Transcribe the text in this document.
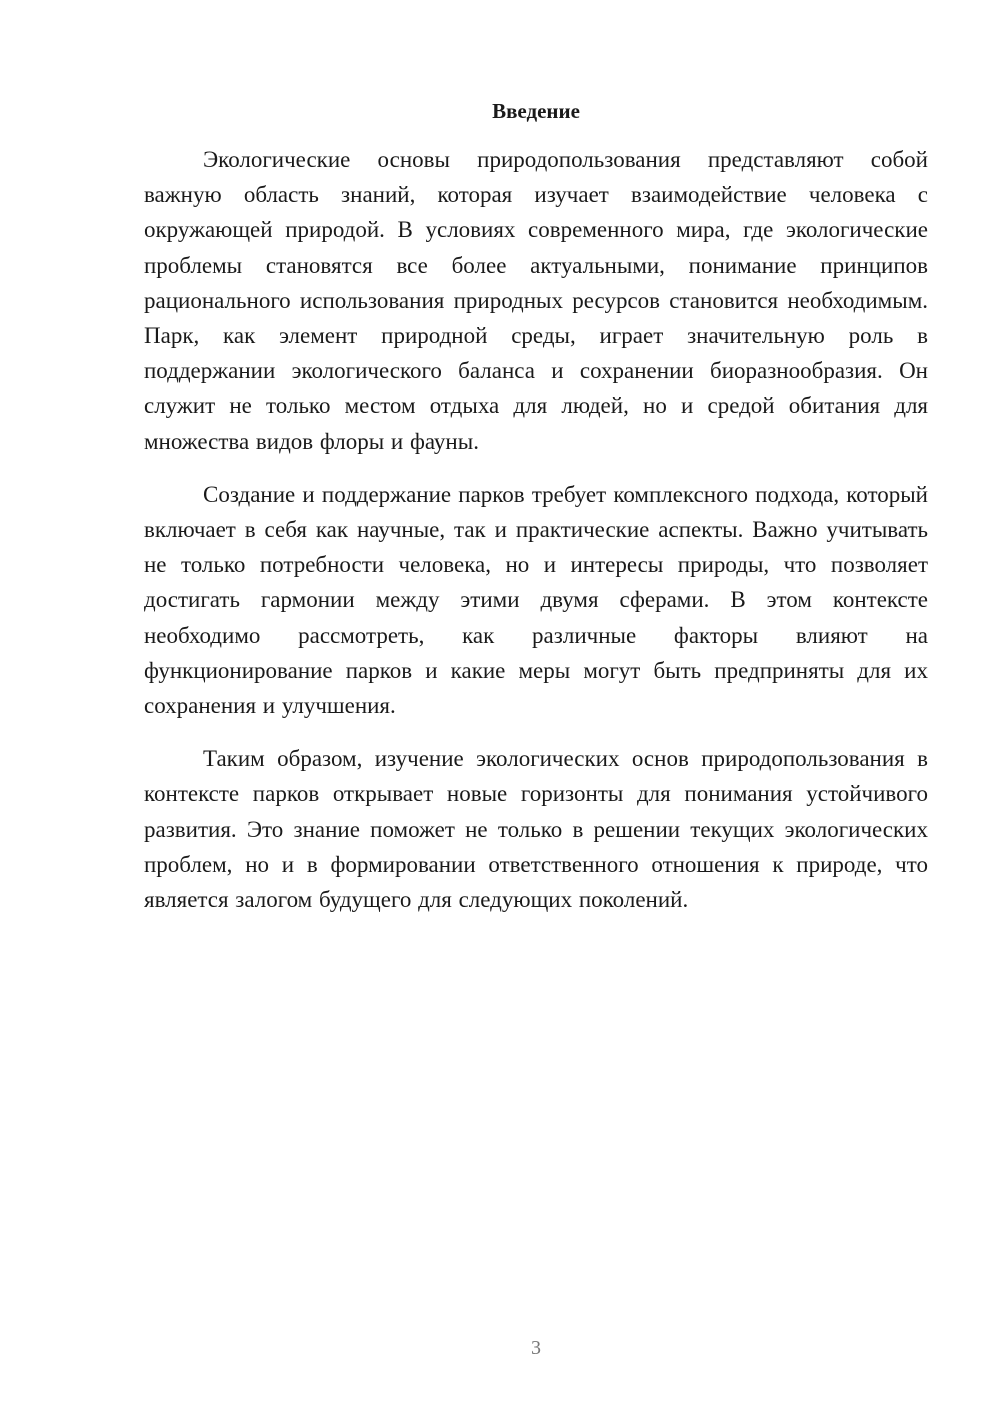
Введение

Экологические основы природопользования представляют собой важную область знаний, которая изучает взаимодействие человека с окружающей природой. В условиях современного мира, где экологические проблемы становятся все более актуальными, понимание принципов рационального использования природных ресурсов становится необходимым. Парк, как элемент природной среды, играет значительную роль в поддержании экологического баланса и сохранении биоразнообразия. Он служит не только местом отдыха для людей, но и средой обитания для множества видов флоры и фауны.

Создание и поддержание парков требует комплексного подхода, который включает в себя как научные, так и практические аспекты. Важно учитывать не только потребности человека, но и интересы природы, что позволяет достигать гармонии между этими двумя сферами. В этом контексте необходимо рассмотреть, как различные факторы влияют на функционирование парков и какие меры могут быть предприняты для их сохранения и улучшения.

Таким образом, изучение экологических основ природопользования в контексте парков открывает новые горизонты для понимания устойчивого развития. Это знание поможет не только в решении текущих экологических проблем, но и в формировании ответственного отношения к природе, что является залогом будущего для следующих поколений.

3
